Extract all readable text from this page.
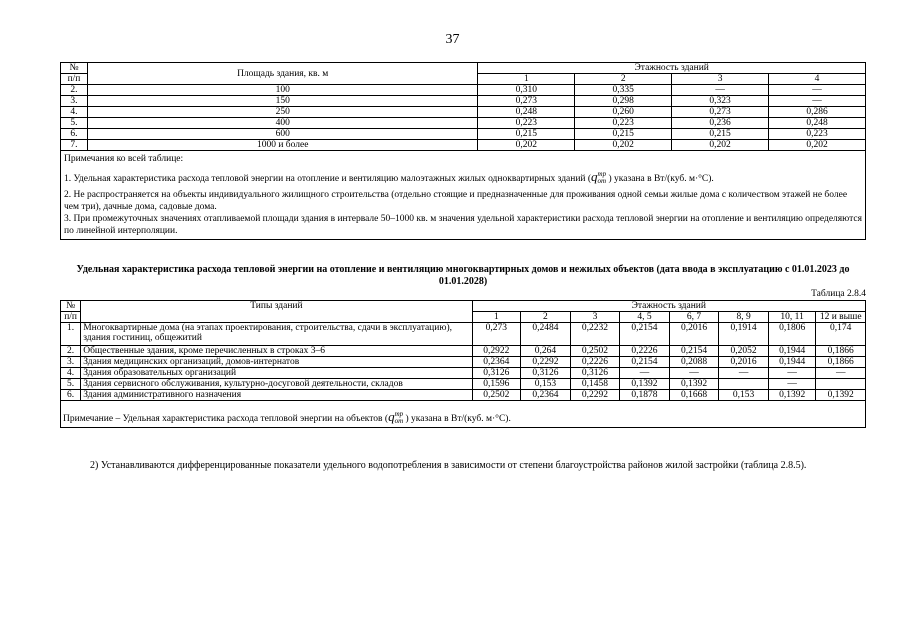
37
№	Площадь здания, кв. м	Этажность зданий			
п/п		1	2	3	4
2.	100	0,310	0,335	—	—
3.	150	0,273	0,298	0,323	—
4.	250	0,248	0,260	0,273	0,286
5.	400	0,223	0,223	0,236	0,248
6.	600	0,215	0,215	0,215	0,223
7.	1000 и более	0,202	0,202	0,202	0,202

Примечания ко всей таблице:

1. Удельная характеристика расхода тепловой энергии на отопление и вентиляцию малоэтажных жилых одноквартирных зданий (qтр
от ) указана в Вт/(куб. м·°С).

2. Не распространяется на объекты индивидуального жилищного строительства (отдельно стоящие и предназначенные для проживания одной семьи жилые дома с количеством этажей не более чем три), дачные дома, садовые дома.

3. При промежуточных значениях отапливаемой площади здания в интервале 50–1000 кв. м значения удельной характеристики расхода тепловой энергии на отопление и вентиляцию определяются по линейной интерполяции.					

Удельная характеристика расхода тепловой энергии на отопление и вентиляцию многоквартирных домов и нежилых объектов (дата ввода в эксплуатацию с 01.01.2023 до 01.01.2028)
Таблица 2.8.4
№	Типы зданий	Этажность зданий							
п/п		1	2	3	4, 5	6, 7	8, 9	10, 11	12 и выше
1.	Многоквартирные дома (на этапах проектирования, строительства, сдачи в эксплуатацию), здания гостиниц, общежитий	0,273	0,2484	0,2232	0,2154	0,2016	0,1914	0,1806	0,174
2.	Общественные здания, кроме перечисленных в строках 3–6	0,2922	0,264	0,2502	0,2226	0,2154	0,2052	0,1944	0,1866
3.	Здания медицинских организаций, домов-интернатов	0,2364	0,2292	0,2226	0,2154	0,2088	0,2016	0,1944	0,1866
4.	Здания образовательных организаций	0,3126	0,3126	0,3126	—	—	—	—	—
5.	Здания сервисного обслуживания, культурно-досуговой деятельности, складов	0,1596	0,153	0,1458	0,1392	0,1392		—	
6.	Здания административного назначения	0,2502	0,2364	0,2292	0,1878	0,1668	0,153	0,1392	0,1392
Примечание – Удельная характеристика расхода тепловой энергии на объектов (qтр
от ) указана в Вт/(куб. м·°С).									
2) Устанавливаются дифференцированные показатели удельного водопотребления в зависимости от степени благоустройства районов жилой застройки (таблица 2.8.5).
